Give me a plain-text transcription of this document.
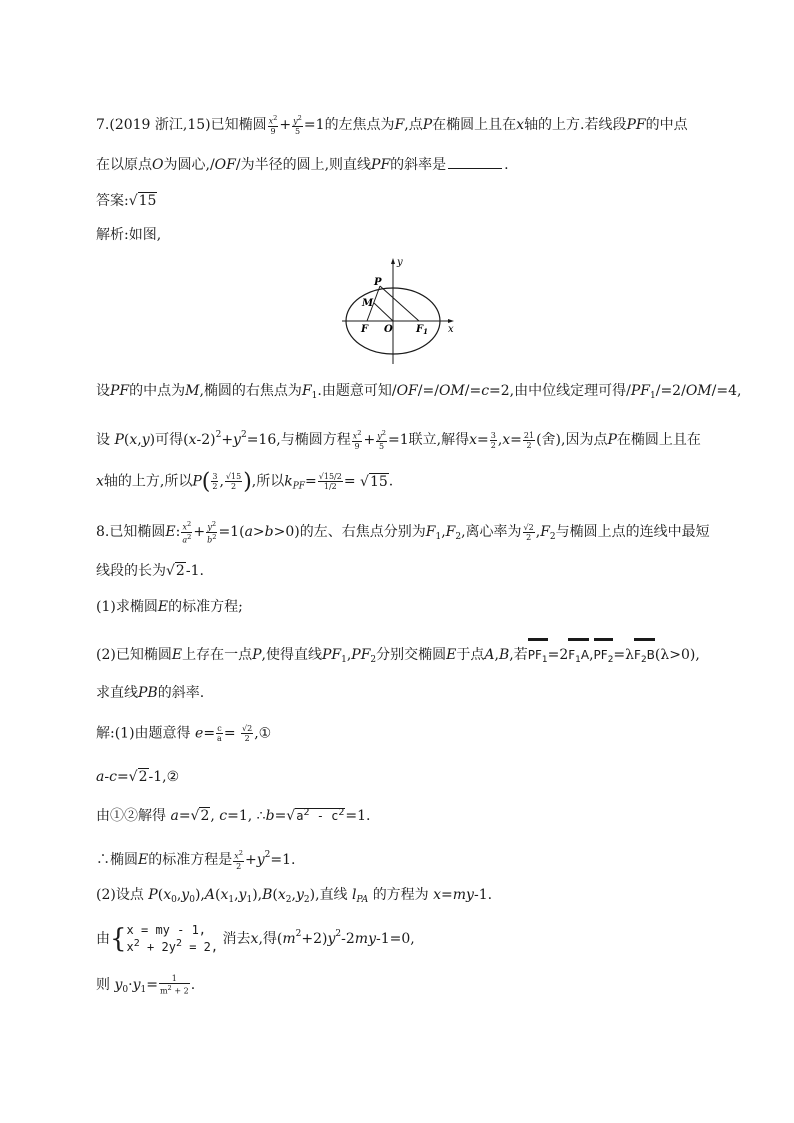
7.(2019 浙江,15)已知椭圆 $\frac{x^2}{9} + \frac{y^2}{5} =1$的左焦点为F,点P在椭圆上且在x轴的上方.若线段PF的中点
在以原点O为圆心,/OF/为半径的圆上,则直线PF的斜率是	.
答案:√15
解析:如图,
y
P
M
F O $F_1$ x
设PF的中点为M,椭圆的右焦点为$F_1$.由题意可知/OF/=/OM/=c=2,由中位线定理可得$/PF_1/=2/OM/=4$,
设 P(x,y)可得$(x-2)^2+y^2=16$,与椭圆方程 $\frac{x^2}{9} + \frac{y^2}{5} =1$联立,解得$x= \frac{3}{2} ,x= \frac{21}{2}$ (舍),因为点P在椭圆上且在
x轴的上方,所以$P( \frac{3}{2}$ , $\frac{√15}{2}$ ),所以$k_{PF}= \frac{√15/2}{1/2} = √15$.
8.已知椭圆E: $\frac{x^2}{a^2} + \frac{y^2}{b^2} =1(a>b>0)$的左、右焦点分别为$F_1,F_2$,离心率为 $\frac{√2}{2} ,F_2$与椭圆上点的连线中最短
线段的长为√2-1.
(1)求椭圆E的标准方程;
(2)已知椭圆E上存在一点P,使得直线$PF_1,PF_2$分别交椭圆E于点A,B,若$PF_1=2F_1A,PF_2=\lambda F_2B(\lambda>0)$,
求直线PB的斜率.
解:(1)由题意得 $e= \frac{c}{a} = \frac{√2}{2}$ ,①
a-c=√2-1,②
由①②解得 a=√2, c=1, $\therefore b=√a^2 - c^2=1$.
∴椭圆E的标准方程是 $\frac{x^2}{2} +y^2=1$.
(2)设点 $P(x_0,y_0),A(x_1,y_1),B(x_2,y_2)$,直线 $l_{PA}$ 的方程为 x=my-1.
由{x = my - 1,
$x^2 + 2y^2 = 2$, 消去x,得$(m^2+2)y^2-2my-1=0$,
则 $y_0\cdot y_1= \frac{1}{m^2 + 2}$ .
